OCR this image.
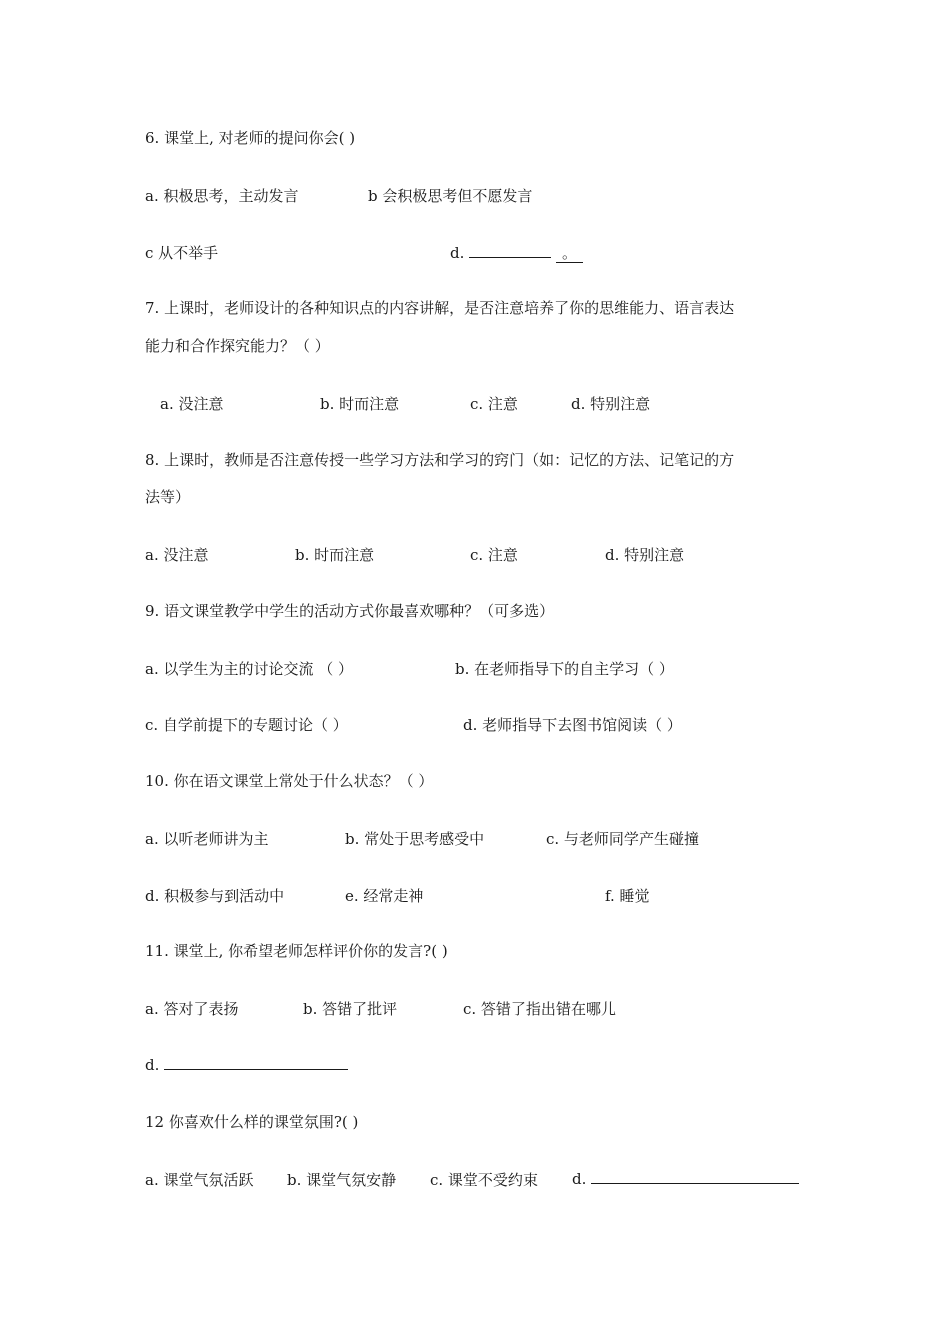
6. 课堂上, 对老师的提问你会( )
a. 积极思考，主动发言	b 会积极思考但不愿发言
c 从不举手	d.	。
7. 上课时，老师设计的各种知识点的内容讲解，是否注意培养了你的思维能力、语言表达
能力和合作探究能力？（ ）
a. 没注意	b. 时而注意	c. 注意	d. 特别注意
8. 上课时，教师是否注意传授一些学习方法和学习的窍门（如：记忆的方法、记笔记的方
法等）
a. 没注意	b. 时而注意	c. 注意	d. 特别注意
9. 语文课堂教学中学生的活动方式你最喜欢哪种？（可多选）
a. 以学生为主的讨论交流 （ ）	b. 在老师指导下的自主学习（ ）
c. 自学前提下的专题讨论（ ）	d. 老师指导下去图书馆阅读（ ）
10. 你在语文课堂上常处于什么状态？（ ）
a. 以听老师讲为主	b. 常处于思考感受中	c. 与老师同学产生碰撞
d. 积极参与到活动中	e. 经常走神	f. 睡觉
11. 课堂上, 你希望老师怎样评价你的发言?( )
a. 答对了表扬	b. 答错了批评	c. 答错了指出错在哪儿
d.
12 你喜欢什么样的课堂氛围?( )
a. 课堂气氛活跃 b. 课堂气氛安静 c. 课堂不受约束 d.
